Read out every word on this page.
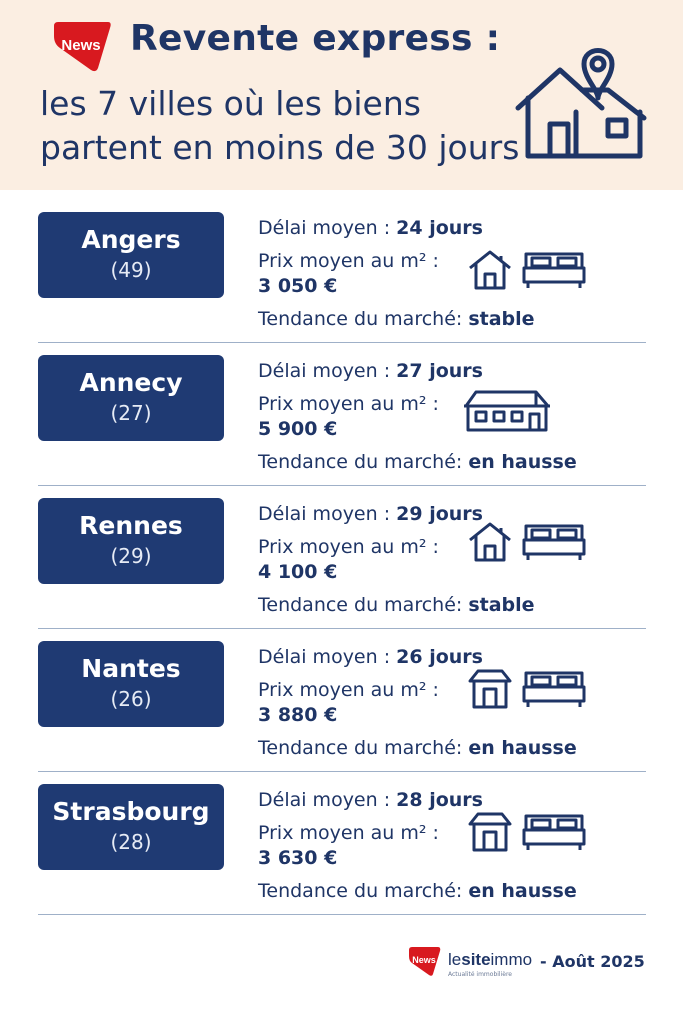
News Revente express :
les 7 villes où les biens
partent en moins de 30 jours
Angers
(49)
Délai moyen : 24 jours
Prix moyen au m² :
3 050 €
Tendance du marché: stable
Annecy
(27)
Délai moyen : 27 jours
Prix moyen au m² :
5 900 €
Tendance du marché: en hausse
Rennes
(29)
Délai moyen : 29 jours
Prix moyen au m² :
4 100 €
Tendance du marché: stable
Nantes
(26)
Délai moyen : 26 jours
Prix moyen au m² :
3 880 €
Tendance du marché: en hausse
Strasbourg
(28)
Délai moyen : 28 jours
Prix moyen au m² :
3 630 €
Tendance du marché: en hausse
News lesiteimmo
Actualité immobilière
- Août 2025
